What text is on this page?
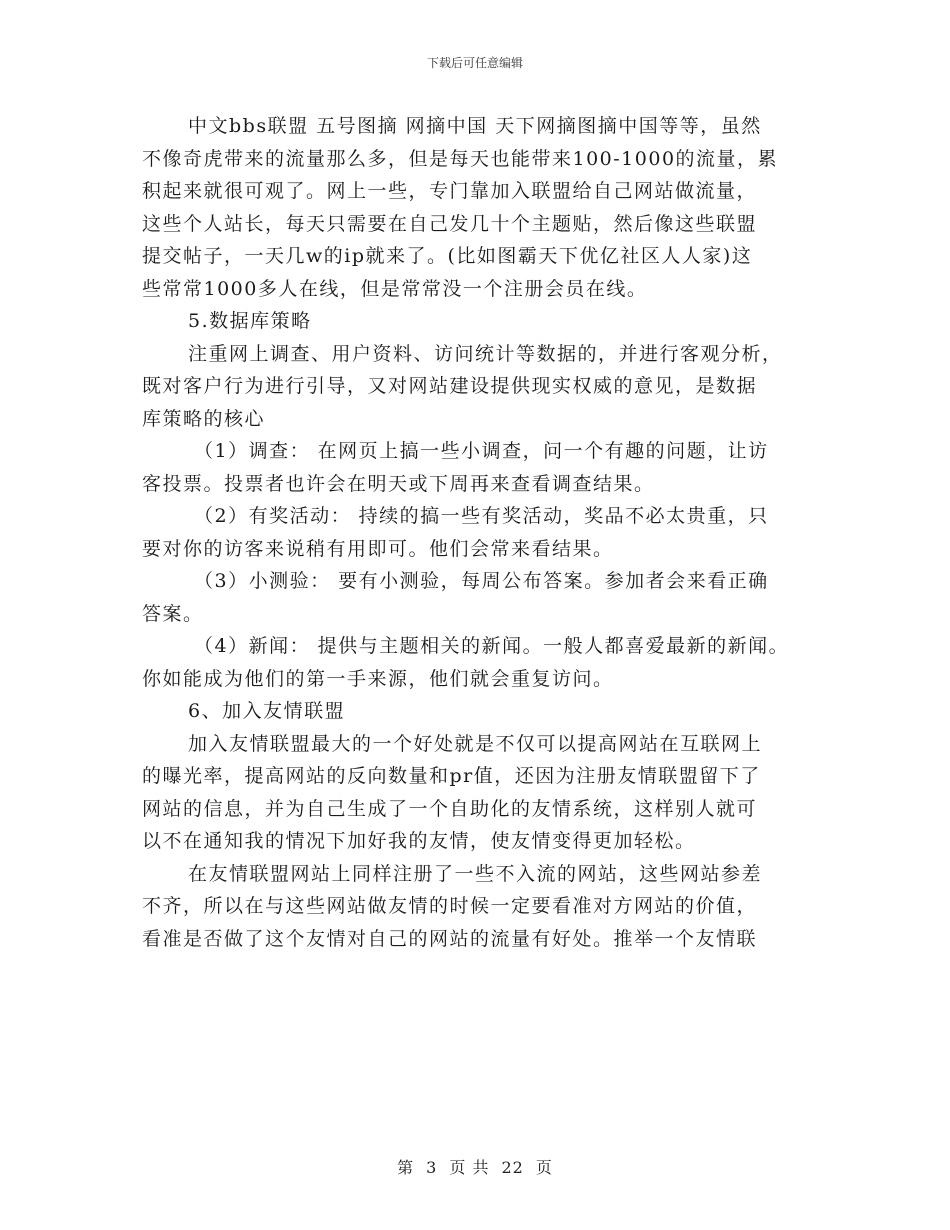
下载后可任意编辑
中文bbs联盟 五号图摘 网摘中国 天下网摘图摘中国等等，虽然
不像奇虎带来的流量那么多，但是每天也能带来100-1000的流量，累
积起来就很可观了。网上一些，专门靠加入联盟给自己网站做流量，
这些个人站长，每天只需要在自己发几十个主题贴，然后像这些联盟
提交帖子，一天几w的ip就来了。(比如图霸天下优亿社区人人家)这
些常常1000多人在线，但是常常没一个注册会员在线。
5.数据库策略
注重网上调查、用户资料、访问统计等数据的，并进行客观分析，
既对客户行为进行引导，又对网站建设提供现实权威的意见，是数据
库策略的核心
（1）调查： 在网页上搞一些小调查，问一个有趣的问题，让访
客投票。投票者也许会在明天或下周再来查看调查结果。
（2）有奖活动： 持续的搞一些有奖活动，奖品不必太贵重，只
要对你的访客来说稍有用即可。他们会常来看结果。
（3）小测验： 要有小测验，每周公布答案。参加者会来看正确
答案。
（4）新闻： 提供与主题相关的新闻。一般人都喜爱最新的新闻。
你如能成为他们的第一手来源，他们就会重复访问。
6、加入友情联盟
加入友情联盟最大的一个好处就是不仅可以提高网站在互联网上
的曝光率，提高网站的反向数量和pr值，还因为注册友情联盟留下了
网站的信息，并为自己生成了一个自助化的友情系统，这样别人就可
以不在通知我的情况下加好我的友情，使友情变得更加轻松。
在友情联盟网站上同样注册了一些不入流的网站，这些网站参差
不齐，所以在与这些网站做友情的时候一定要看准对方网站的价值，
看准是否做了这个友情对自己的网站的流量有好处。推举一个友情联
第 3 页 共 22 页
